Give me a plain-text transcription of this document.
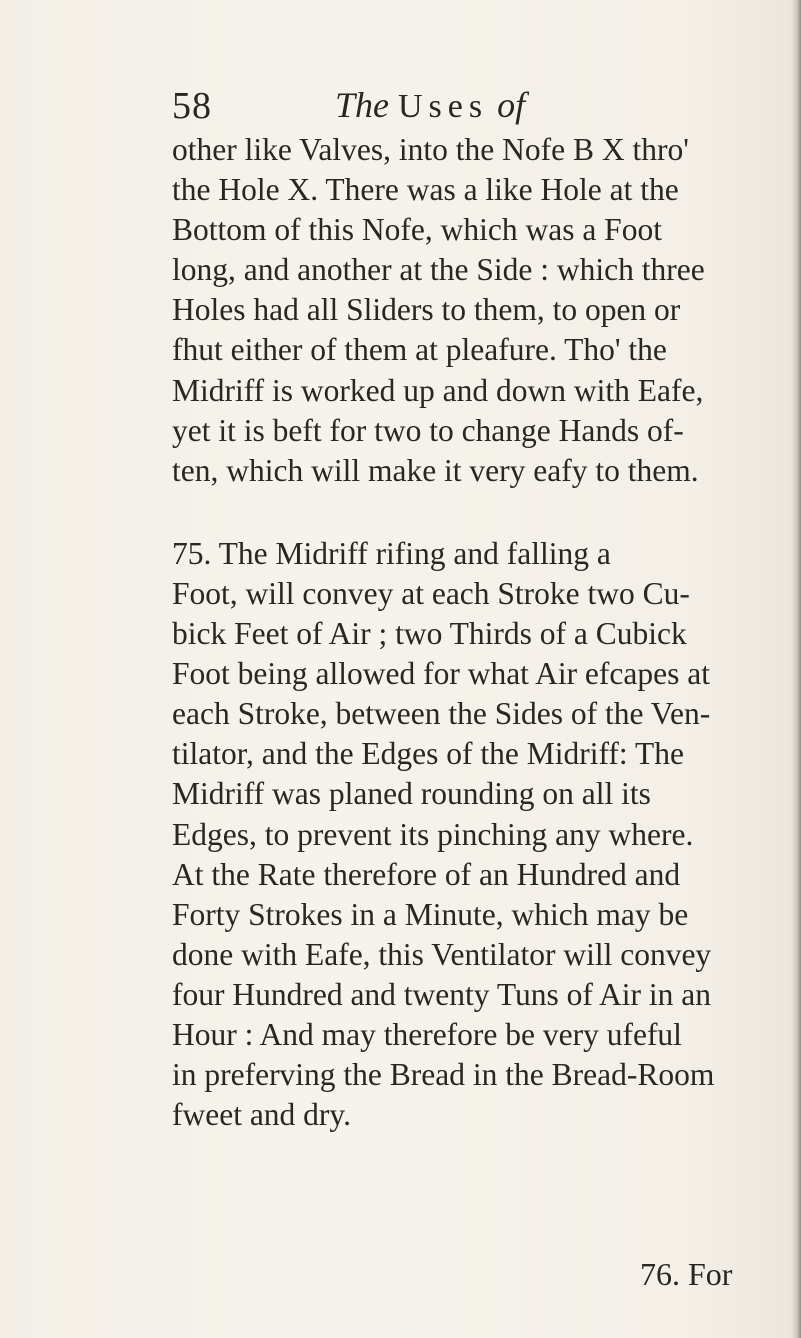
58	The Uses of
other like Valves, into the Nofe B X thro'
the Hole X. There was a like Hole at the
Bottom of this Nofe, which was a Foot
long, and another at the Side : which three
Holes had all Sliders to them, to open or
fhut either of them at pleafure. Tho' the
Midriff is worked up and down with Eafe,
yet it is beft for two to change Hands of-
ten, which will make it very eafy to them.
75. The Midriff rifing and falling a
Foot, will convey at each Stroke two Cu-
bick Feet of Air ; two Thirds of a Cubick
Foot being allowed for what Air efcapes at
each Stroke, between the Sides of the Ven-
tilator, and the Edges of the Midriff: The
Midriff was planed rounding on all its
Edges, to prevent its pinching any where.
At the Rate therefore of an Hundred and
Forty Strokes in a Minute, which may be
done with Eafe, this Ventilator will convey
four Hundred and twenty Tuns of Air in an
Hour : And may therefore be very ufeful
in preferving the Bread in the Bread-Room
fweet and dry.
76. For
